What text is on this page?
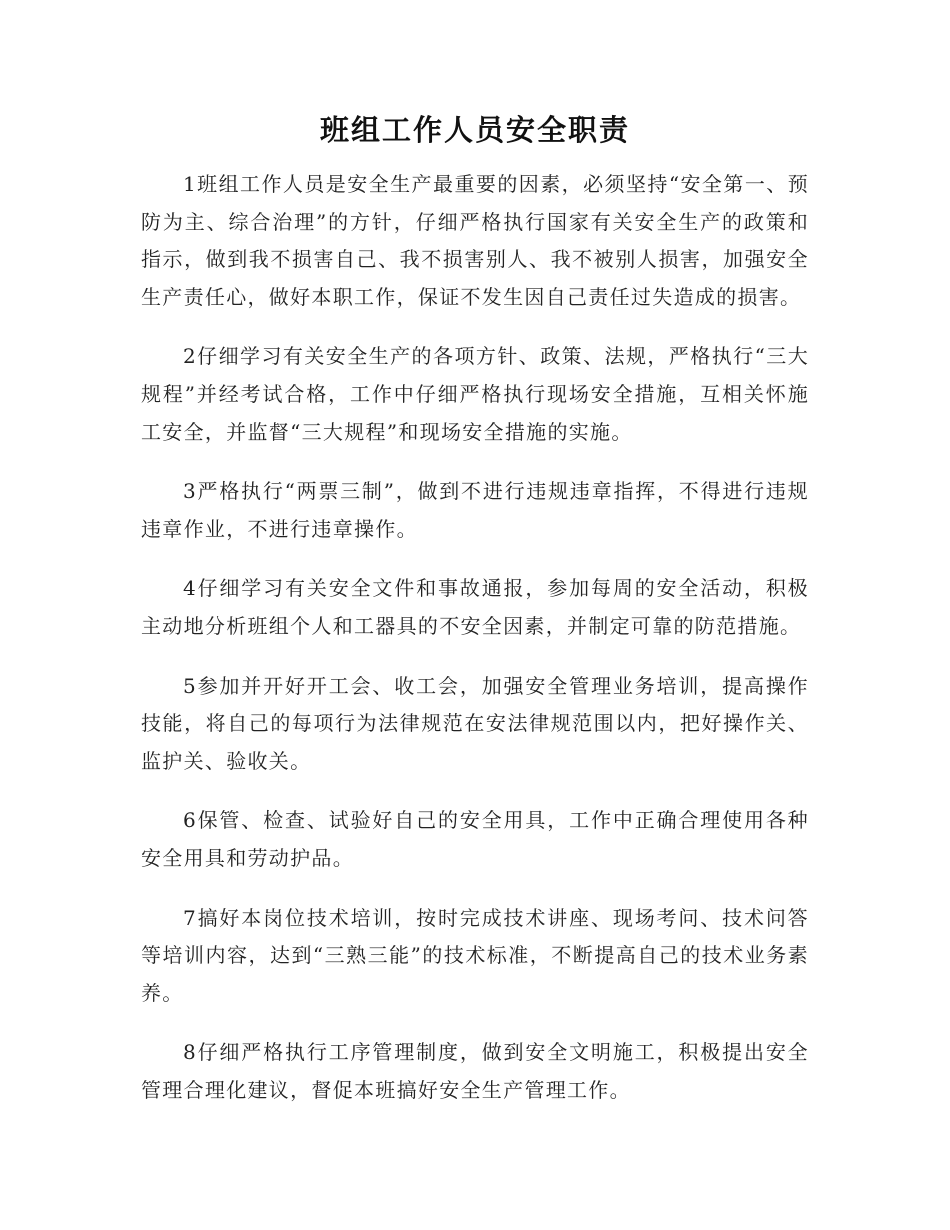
班组工作人员安全职责

1班组工作人员是安全生产最重要的因素，必须坚持“安全第一、预防为主、综合治理”的方针，仔细严格执行国家有关安全生产的政策和指示，做到我不损害自己、我不损害别人、我不被别人损害，加强安全生产责任心，做好本职工作，保证不发生因自己责任过失造成的损害。

2仔细学习有关安全生产的各项方针、政策、法规，严格执行“三大规程”并经考试合格，工作中仔细严格执行现场安全措施，互相关怀施工安全，并监督“三大规程”和现场安全措施的实施。

3严格执行“两票三制”，做到不进行违规违章指挥，不得进行违规违章作业，不进行违章操作。

4仔细学习有关安全文件和事故通报，参加每周的安全活动，积极主动地分析班组个人和工器具的不安全因素，并制定可靠的防范措施。

5参加并开好开工会、收工会，加强安全管理业务培训，提高操作技能，将自己的每项行为法律规范在安法律规范围以内，把好操作关、监护关、验收关。

6保管、检查、试验好自己的安全用具，工作中正确合理使用各种安全用具和劳动护品。

7搞好本岗位技术培训，按时完成技术讲座、现场考问、技术问答等培训内容，达到“三熟三能”的技术标准，不断提高自己的技术业务素养。

8仔细严格执行工序管理制度，做到安全文明施工，积极提出安全管理合理化建议，督促本班搞好安全生产管理工作。
